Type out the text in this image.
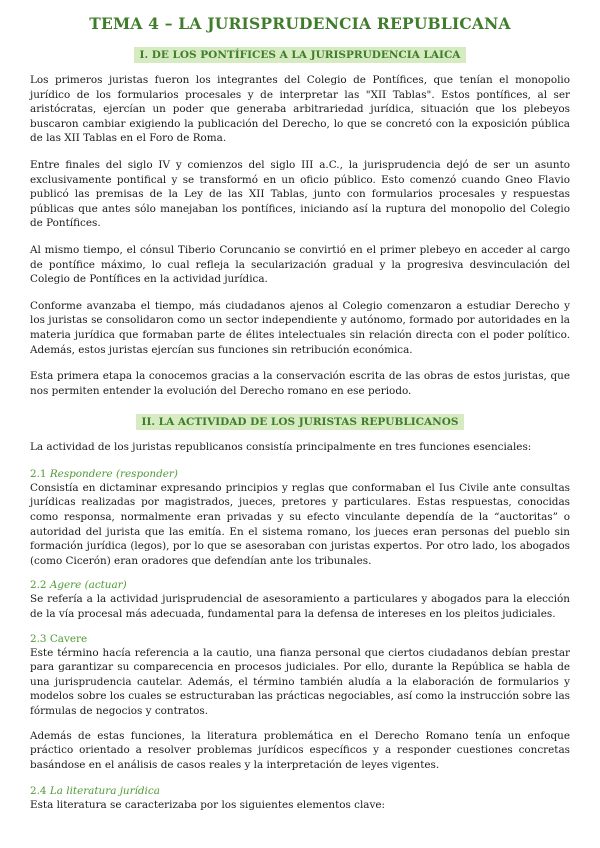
TEMA 4 – LA JURISPRUDENCIA REPUBLICANA
I. DE LOS PONTÍFICES A LA JURISPRUDENCIA LAICA

Los primeros juristas fueron los integrantes del Colegio de Pontífices, que tenían el monopolio jurídico de los formularios procesales y de interpretar las "XII Tablas". Estos pontífices, al ser aristócratas, ejercían un poder que generaba arbitrariedad jurídica, situación que los plebeyos buscaron cambiar exigiendo la publicación del Derecho, lo que se concretó con la exposición pública de las XII Tablas en el Foro de Roma.

Entre finales del siglo IV y comienzos del siglo III a.C., la jurisprudencia dejó de ser un asunto exclusivamente pontifical y se transformó en un oficio público. Esto comenzó cuando Gneo Flavio publicó las premisas de la Ley de las XII Tablas, junto con formularios procesales y respuestas públicas que antes sólo manejaban los pontífices, iniciando así la ruptura del monopolio del Colegio de Pontífices.

Al mismo tiempo, el cónsul Tiberio Coruncanio se convirtió en el primer plebeyo en acceder al cargo de pontífice máximo, lo cual refleja la secularización gradual y la progresiva desvinculación del Colegio de Pontífices en la actividad jurídica.

Conforme avanzaba el tiempo, más ciudadanos ajenos al Colegio comenzaron a estudiar Derecho y los juristas se consolidaron como un sector independiente y autónomo, formado por autoridades en la materia jurídica que formaban parte de élites intelectuales sin relación directa con el poder político. Además, estos juristas ejercían sus funciones sin retribución económica.

Esta primera etapa la conocemos gracias a la conservación escrita de las obras de estos juristas, que nos permiten entender la evolución del Derecho romano en ese periodo.

II. LA ACTIVIDAD DE LOS JURISTAS REPUBLICANOS

La actividad de los juristas republicanos consistía principalmente en tres funciones esenciales:

2.1 Respondere (responder)

Consistía en dictaminar expresando principios y reglas que conformaban el Ius Civile ante consultas jurídicas realizadas por magistrados, jueces, pretores y particulares. Estas respuestas, conocidas como responsa, normalmente eran privadas y su efecto vinculante dependía de la “auctoritas” o autoridad del jurista que las emitía. En el sistema romano, los jueces eran personas del pueblo sin formación jurídica (legos), por lo que se asesoraban con juristas expertos. Por otro lado, los abogados (como Cicerón) eran oradores que defendían ante los tribunales.

2.2 Agere (actuar)

Se refería a la actividad jurisprudencial de asesoramiento a particulares y abogados para la elección de la vía procesal más adecuada, fundamental para la defensa de intereses en los pleitos judiciales.

2.3 Cavere

Este término hacía referencia a la cautio, una fianza personal que ciertos ciudadanos debían prestar para garantizar su comparecencia en procesos judiciales. Por ello, durante la República se habla de una jurisprudencia cautelar. Además, el término también aludía a la elaboración de formularios y modelos sobre los cuales se estructuraban las prácticas negociables, así como la instrucción sobre las fórmulas de negocios y contratos.

Además de estas funciones, la literatura problemática en el Derecho Romano tenía un enfoque práctico orientado a resolver problemas jurídicos específicos y a responder cuestiones concretas basándose en el análisis de casos reales y la interpretación de leyes vigentes.

2.4 La literatura jurídica

Esta literatura se caracterizaba por los siguientes elementos clave:
